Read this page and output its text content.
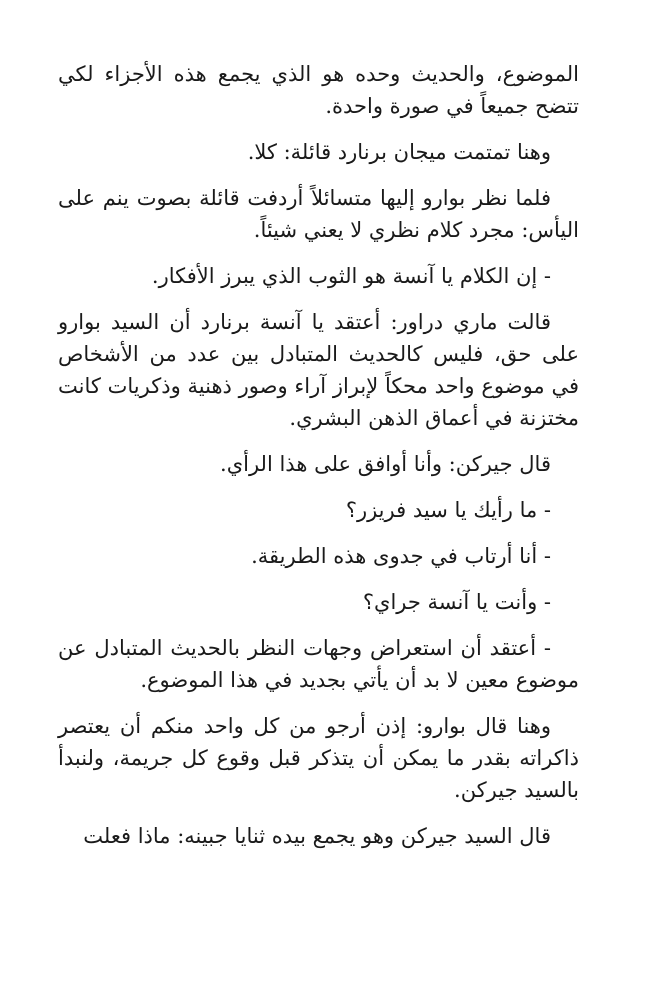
الموضوع، والحديث وحده هو الذي يجمع هذه الأجزاء لكي تتضح جميعاً في صورة واحدة.

وهنا تمتمت ميجان برنارد قائلة: كلا.

فلما نظر بوارو إليها متسائلاً أردفت قائلة بصوت ينم على اليأس: مجرد كلام نظري لا يعني شيئاً.

- إن الكلام يا آنسة هو الثوب الذي يبرز الأفكار.

قالت ماري دراور: أعتقد يا آنسة برنارد أن السيد بوارو على حق، فليس كالحديث المتبادل بين عدد من الأشخاص في موضوع واحد محكاً لإبراز آراء وصور ذهنية وذكريات كانت مختزنة في أعماق الذهن البشري.

قال جيركن: وأنا أوافق على هذا الرأي.

- ما رأيك يا سيد فريزر؟

- أنا أرتاب في جدوى هذه الطريقة.

- وأنت يا آنسة جراي؟

- أعتقد أن استعراض وجهات النظر بالحديث المتبادل عن موضوع معين لا بد أن يأتي بجديد في هذا الموضوع.

وهنا قال بوارو: إذن أرجو من كل واحد منكم أن يعتصر ذاكراته بقدر ما يمكن أن يتذكر قبل وقوع كل جريمة، ولنبدأ بالسيد جيركن.

قال السيد جيركن وهو يجمع بيده ثنايا جبينه: ماذا فعلت
